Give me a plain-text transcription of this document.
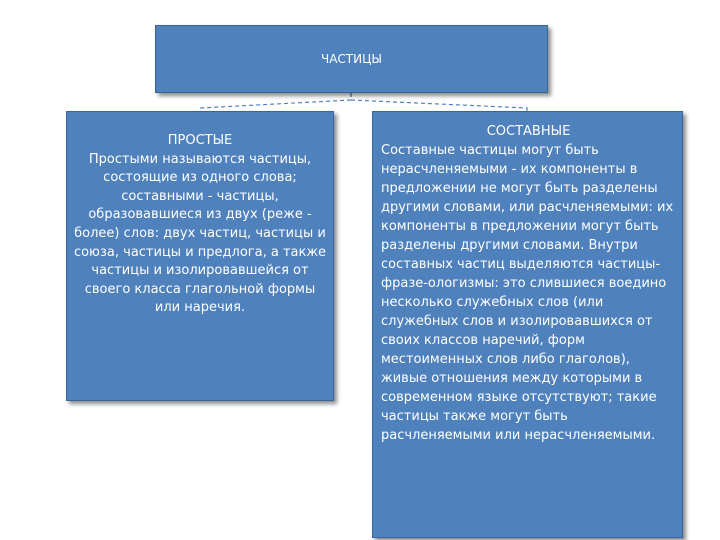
ЧАСТИЦЫ
ПРОСТЫЕ
Простыми называются частицы, состоящие из одного слова; составными - частицы, образовавшиеся из двух (реже - более) слов: двух частиц, частицы и союза, частицы и предлога, а также частицы и изолировавшейся от своего класса глагольной формы или наречия.
СОСТАВНЫЕ
Составные частицы могут быть нерасчленяемыми - их компоненты в предложении не могут быть разделены другими словами, или расчленяемыми: их компоненты в предложении могут быть разделены другими словами. Внутри составных частиц выделяются частицы- фразе-ологизмы: это слившиеся воедино несколько служебных слов (или служебных слов и изолировавшихся от своих классов наречий, форм местоименных слов либо глаголов), живые отношения между которыми в современном языке отсутствуют; такие частицы также могут быть расчленяемыми или нерасчленяемыми.
